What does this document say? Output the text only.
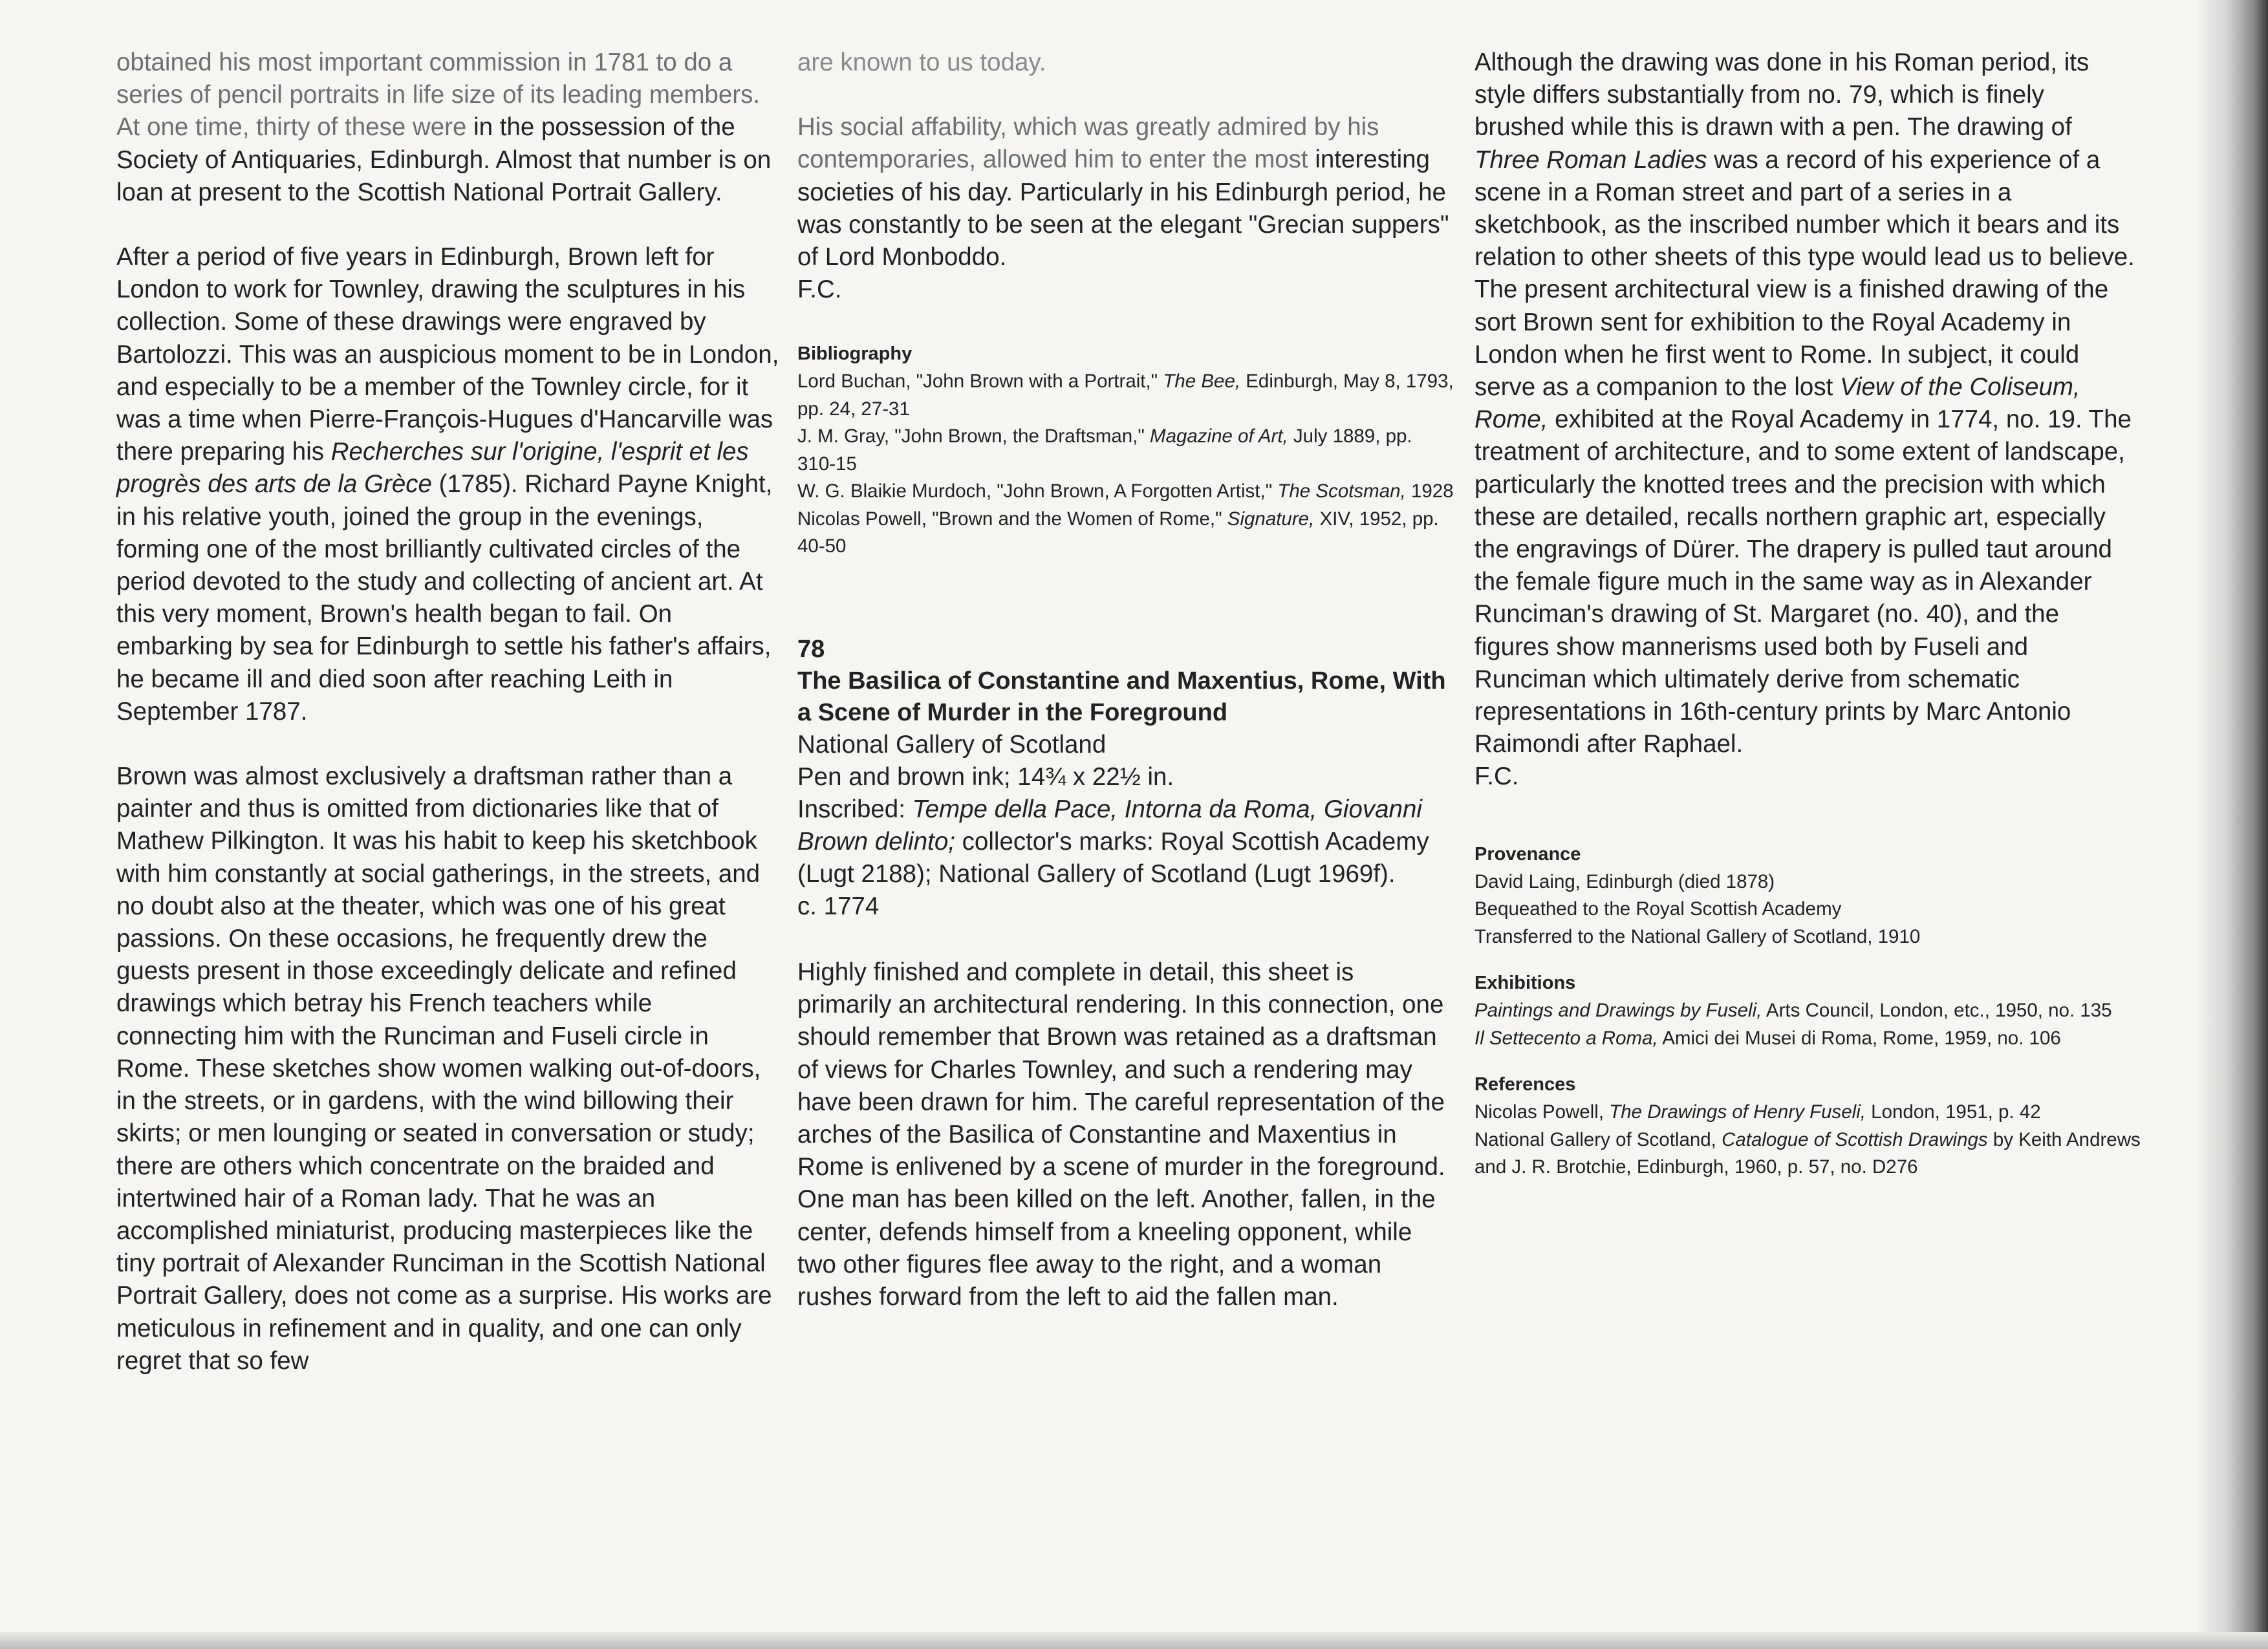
obtained his most important commission in 1781 to do a series of pencil portraits in life size of its leading members. At one time, thirty of these were in the possession of the Society of Antiquaries, Edinburgh. Almost that number is on loan at present to the Scottish National Portrait Gallery.

After a period of five years in Edinburgh, Brown left for London to work for Townley, drawing the sculptures in his collection. Some of these drawings were engraved by Bartolozzi. This was an auspicious moment to be in London, and especially to be a member of the Townley circle, for it was a time when Pierre-François-Hugues d'Hancarville was there preparing his Recherches sur l'origine, l'esprit et les progrès des arts de la Grèce (1785). Richard Payne Knight, in his relative youth, joined the group in the evenings, forming one of the most brilliantly cultivated circles of the period devoted to the study and collecting of ancient art. At this very moment, Brown's health began to fail. On embarking by sea for Edinburgh to settle his father's affairs, he became ill and died soon after reaching Leith in September 1787.

Brown was almost exclusively a draftsman rather than a painter and thus is omitted from dictionaries like that of Mathew Pilkington. It was his habit to keep his sketchbook with him constantly at social gatherings, in the streets, and no doubt also at the theater, which was one of his great passions. On these occasions, he frequently drew the guests present in those exceedingly delicate and refined drawings which betray his French teachers while connecting him with the Runciman and Fuseli circle in Rome. These sketches show women walking out-of-doors, in the streets, or in gardens, with the wind billowing their skirts; or men lounging or seated in conversation or study; there are others which concentrate on the braided and intertwined hair of a Roman lady. That he was an accomplished miniaturist, producing masterpieces like the tiny portrait of Alexander Runciman in the Scottish National Portrait Gallery, does not come as a surprise. His works are meticulous in refinement and in quality, and one can only regret that so few

are known to us today.

His social affability, which was greatly admired by his contemporaries, allowed him to enter the most interesting societies of his day. Particularly in his Edinburgh period, he was constantly to be seen at the elegant "Grecian suppers" of Lord Monboddo.
F.C.

Bibliography

Lord Buchan, "John Brown with a Portrait," The Bee, Edinburgh, May 8, 1793, pp. 24, 27-31

J. M. Gray, "John Brown, the Draftsman," Magazine of Art, July 1889, pp. 310-15

W. G. Blaikie Murdoch, "John Brown, A Forgotten Artist," The Scotsman, 1928

Nicolas Powell, "Brown and the Women of Rome," Signature, XIV, 1952, pp. 40-50

78

The Basilica of Constantine and Maxentius, Rome, With a Scene of Murder in the Foreground

National Gallery of Scotland

Pen and brown ink; 14¾ x 22½ in.

Inscribed: Tempe della Pace, Intorna da Roma, Giovanni Brown delinto; collector's marks: Royal Scottish Academy (Lugt 2188); National Gallery of Scotland (Lugt 1969f).

c. 1774

Highly finished and complete in detail, this sheet is primarily an architectural rendering. In this connection, one should remember that Brown was retained as a draftsman of views for Charles Townley, and such a rendering may have been drawn for him. The careful representation of the arches of the Basilica of Constantine and Maxentius in Rome is enlivened by a scene of murder in the foreground. One man has been killed on the left. Another, fallen, in the center, defends himself from a kneeling opponent, while two other figures flee away to the right, and a woman rushes forward from the left to aid the fallen man.

Although the drawing was done in his Roman period, its style differs substantially from no. 79, which is finely brushed while this is drawn with a pen. The drawing of Three Roman Ladies was a record of his experience of a scene in a Roman street and part of a series in a sketchbook, as the inscribed number which it bears and its relation to other sheets of this type would lead us to believe. The present architectural view is a finished drawing of the sort Brown sent for exhibition to the Royal Academy in London when he first went to Rome. In subject, it could serve as a companion to the lost View of the Coliseum, Rome, exhibited at the Royal Academy in 1774, no. 19. The treatment of architecture, and to some extent of landscape, particularly the knotted trees and the precision with which these are detailed, recalls northern graphic art, especially the engravings of Dürer. The drapery is pulled taut around the female figure much in the same way as in Alexander Runciman's drawing of St. Margaret (no. 40), and the figures show mannerisms used both by Fuseli and Runciman which ultimately derive from schematic representations in 16th-century prints by Marc Antonio Raimondi after Raphael.
F.C.

Provenance

David Laing, Edinburgh (died 1878)

Bequeathed to the Royal Scottish Academy

Transferred to the National Gallery of Scotland, 1910

Exhibitions

Paintings and Drawings by Fuseli, Arts Council, London, etc., 1950, no. 135

Il Settecento a Roma, Amici dei Musei di Roma, Rome, 1959, no. 106

References

Nicolas Powell, The Drawings of Henry Fuseli, London, 1951, p. 42

National Gallery of Scotland, Catalogue of Scottish Drawings by Keith Andrews and J. R. Brotchie, Edinburgh, 1960, p. 57, no. D276
